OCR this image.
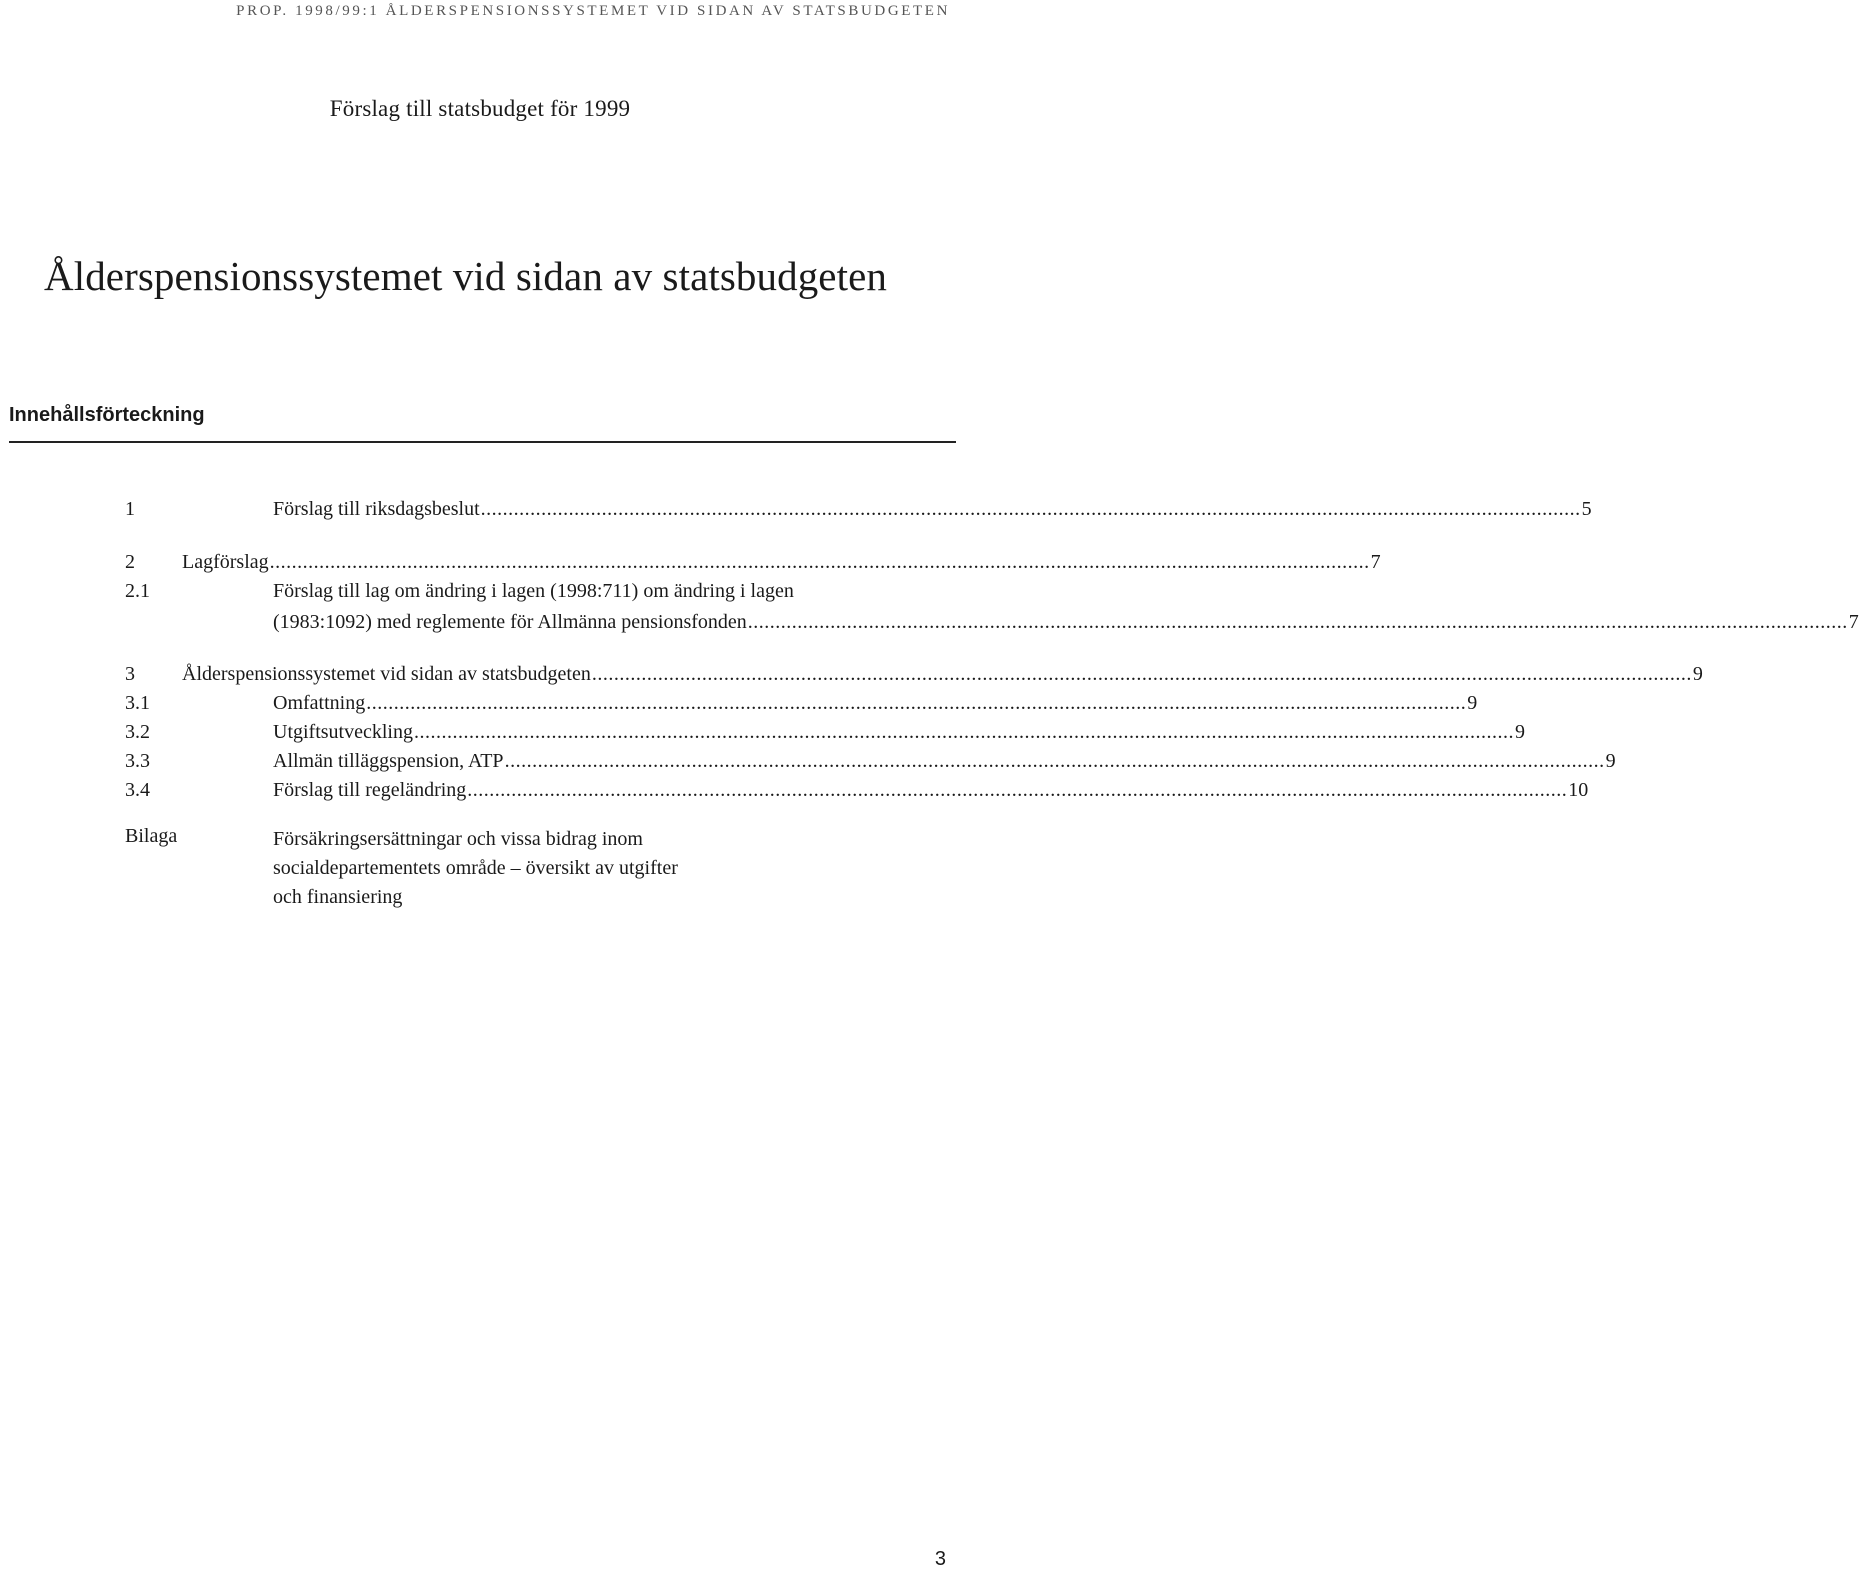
PROP. 1998/99:1 ÅLDERSPENSIONSSYSTEMET VID SIDAN AV STATSBUDGETEN
Förslag till statsbudget för 1999
Ålderspensionssystemet vid sidan av statsbudgeten
Innehållsförteckning
1	Förslag till riksdagsbeslut ........................................................................................................................................................................................................ 5
2 Lagförslag ........................................................................................................................................................................................................ 7
2.1	Förslag till lag om ändring i lagen (1998:711) om ändring i lagen
(1983:1092) med reglemente för Allmänna pensionsfonden ........................................................................................................................................................................................................ 7
3 Ålderspensionssystemet vid sidan av statsbudgeten ........................................................................................................................................................................................................ 9
3.1	Omfattning ........................................................................................................................................................................................................ 9
3.2	Utgiftsutveckling ........................................................................................................................................................................................................ 9
3.3	Allmän tilläggspension, ATP ........................................................................................................................................................................................................ 9
3.4	Förslag till regeländring ........................................................................................................................................................................................................ 10
Bilaga	Försäkringsersättningar och vissa bidrag inom
socialdepartementets område – översikt av utgifter
och finansiering
3
